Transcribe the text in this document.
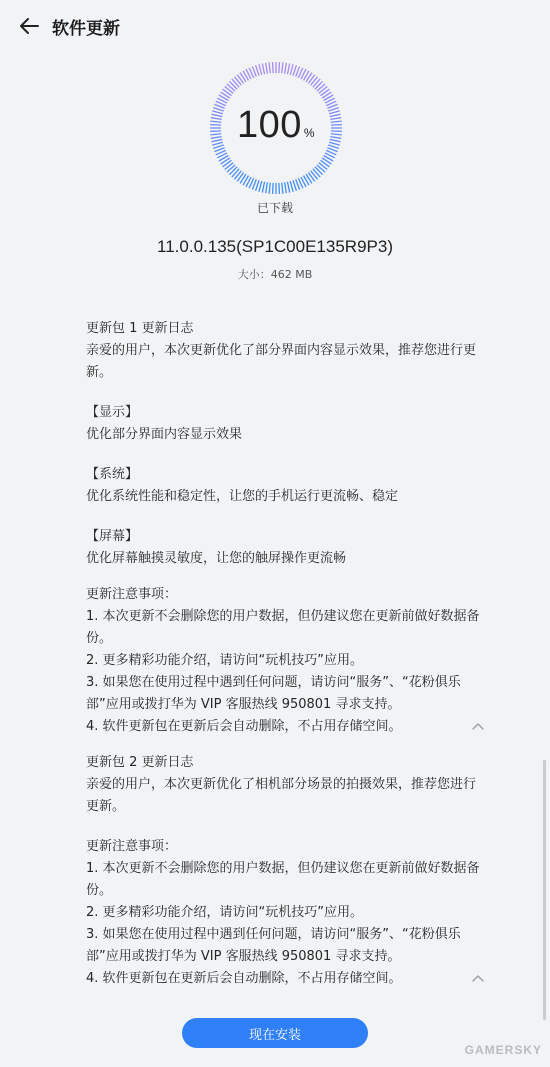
软件更新
100 %
已下载
11.0.0.135(SP1C00E135R9P3)
大小：462 MB

更新包 1 更新日志

亲爱的用户，本次更新优化了部分界面内容显示效果，推荐您进行更新。

【显示】

优化部分界面内容显示效果

【系统】

优化系统性能和稳定性，让您的手机运行更流畅、稳定

【屏幕】

优化屏幕触摸灵敏度，让您的触屏操作更流畅

更新注意事项：

1. 本次更新不会删除您的用户数据，但仍建议您在更新前做好数据备份。

2. 更多精彩功能介绍，请访问“玩机技巧”应用。

3. 如果您在使用过程中遇到任何问题，请访问“服务”、“花粉俱乐部”应用或拨打华为 VIP 客服热线 950801 寻求支持。

4. 软件更新包在更新后会自动删除，不占用存储空间。

更新包 2 更新日志

亲爱的用户，本次更新优化了相机部分场景的拍摄效果，推荐您进行更新。

更新注意事项：

1. 本次更新不会删除您的用户数据，但仍建议您在更新前做好数据备份。

2. 更多精彩功能介绍，请访问“玩机技巧”应用。

3. 如果您在使用过程中遇到任何问题，请访问“服务”、“花粉俱乐部”应用或拨打华为 VIP 客服热线 950801 寻求支持。

4. 软件更新包在更新后会自动删除，不占用存储空间。

现在安装
GAMERSKY
